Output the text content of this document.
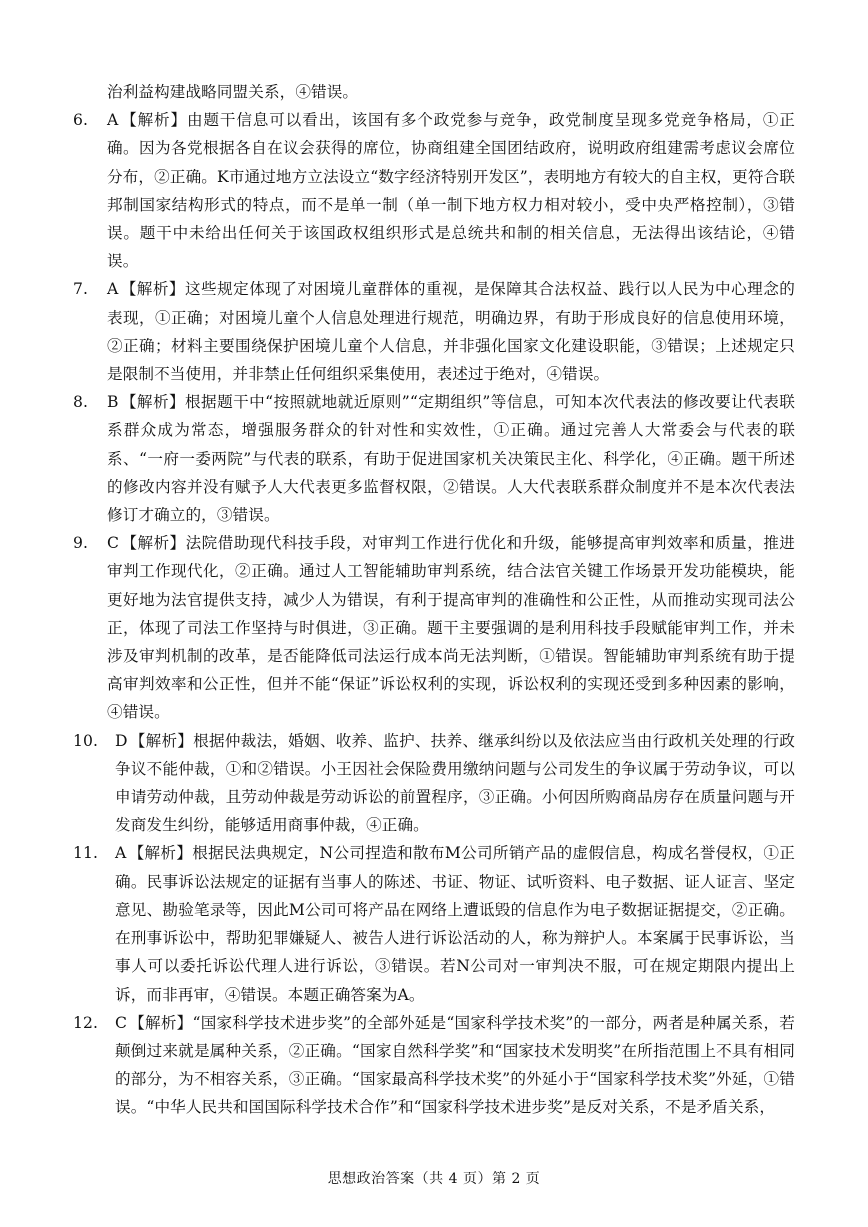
治利益构建战略同盟关系，④错误。

6.	A 【解析】由题干信息可以看出，该国有多个政党参与竞争，政党制度呈现多党竞争格局，①正确。因为各党根据各自在议会获得的席位，协商组建全国团结政府，说明政府组建需考虑议会席位分布，②正确。K市通过地方立法设立“数字经济特别开发区”，表明地方有较大的自主权，更符合联邦制国家结构形式的特点，而不是单一制（单一制下地方权力相对较小，受中央严格控制），③错误。题干中未给出任何关于该国政权组织形式是总统共和制的相关信息，无法得出该结论，④错误。

7.	A 【解析】这些规定体现了对困境儿童群体的重视，是保障其合法权益、践行以人民为中心理念的表现，①正确；对困境儿童个人信息处理进行规范，明确边界，有助于形成良好的信息使用环境，②正确；材料主要围绕保护困境儿童个人信息，并非强化国家文化建设职能，③错误；上述规定只是限制不当使用，并非禁止任何组织采集使用，表述过于绝对，④错误。

8.	B 【解析】根据题干中“按照就地就近原则”“定期组织”等信息，可知本次代表法的修改要让代表联系群众成为常态，增强服务群众的针对性和实效性，①正确。通过完善人大常委会与代表的联系、“一府一委两院”与代表的联系，有助于促进国家机关决策民主化、科学化，④正确。题干所述的修改内容并没有赋予人大代表更多监督权限，②错误。人大代表联系群众制度并不是本次代表法修订才确立的，③错误。

9.	C 【解析】法院借助现代科技手段，对审判工作进行优化和升级，能够提高审判效率和质量，推进审判工作现代化，②正确。通过人工智能辅助审判系统，结合法官关键工作场景开发功能模块，能更好地为法官提供支持，减少人为错误，有利于提高审判的准确性和公正性，从而推动实现司法公正，体现了司法工作坚持与时俱进，③正确。题干主要强调的是利用科技手段赋能审判工作，并未涉及审判机制的改革，是否能降低司法运行成本尚无法判断，①错误。智能辅助审判系统有助于提高审判效率和公正性，但并不能“保证”诉讼权利的实现，诉讼权利的实现还受到多种因素的影响，④错误。

10.	D 【解析】根据仲裁法，婚姻、收养、监护、扶养、继承纠纷以及依法应当由行政机关处理的行政争议不能仲裁，①和②错误。小王因社会保险费用缴纳问题与公司发生的争议属于劳动争议，可以申请劳动仲裁，且劳动仲裁是劳动诉讼的前置程序，③正确。小何因所购商品房存在质量问题与开发商发生纠纷，能够适用商事仲裁，④正确。

11.	A 【解析】根据民法典规定，N公司捏造和散布M公司所销产品的虚假信息，构成名誉侵权，①正确。民事诉讼法规定的证据有当事人的陈述、书证、物证、试听资料、电子数据、证人证言、坚定意见、勘验笔录等，因此M公司可将产品在网络上遭诋毁的信息作为电子数据证据提交，②正确。在刑事诉讼中，帮助犯罪嫌疑人、被告人进行诉讼活动的人，称为辩护人。本案属于民事诉讼，当事人可以委托诉讼代理人进行诉讼，③错误。若N公司对一审判决不服，可在规定期限内提出上诉，而非再审，④错误。本题正确答案为A。

12.	C 【解析】“国家科学技术进步奖”的全部外延是“国家科学技术奖”的一部分，两者是种属关系，若颠倒过来就是属种关系，②正确。“国家自然科学奖”和“国家技术发明奖”在所指范围上不具有相同的部分，为不相容关系，③正确。“国家最高科学技术奖”的外延小于“国家科学技术奖”外延，①错误。“中华人民共和国国际科学技术合作”和“国家科学技术进步奖”是反对关系，不是矛盾关系，

思想政治答案（共 4 页）第 2 页
